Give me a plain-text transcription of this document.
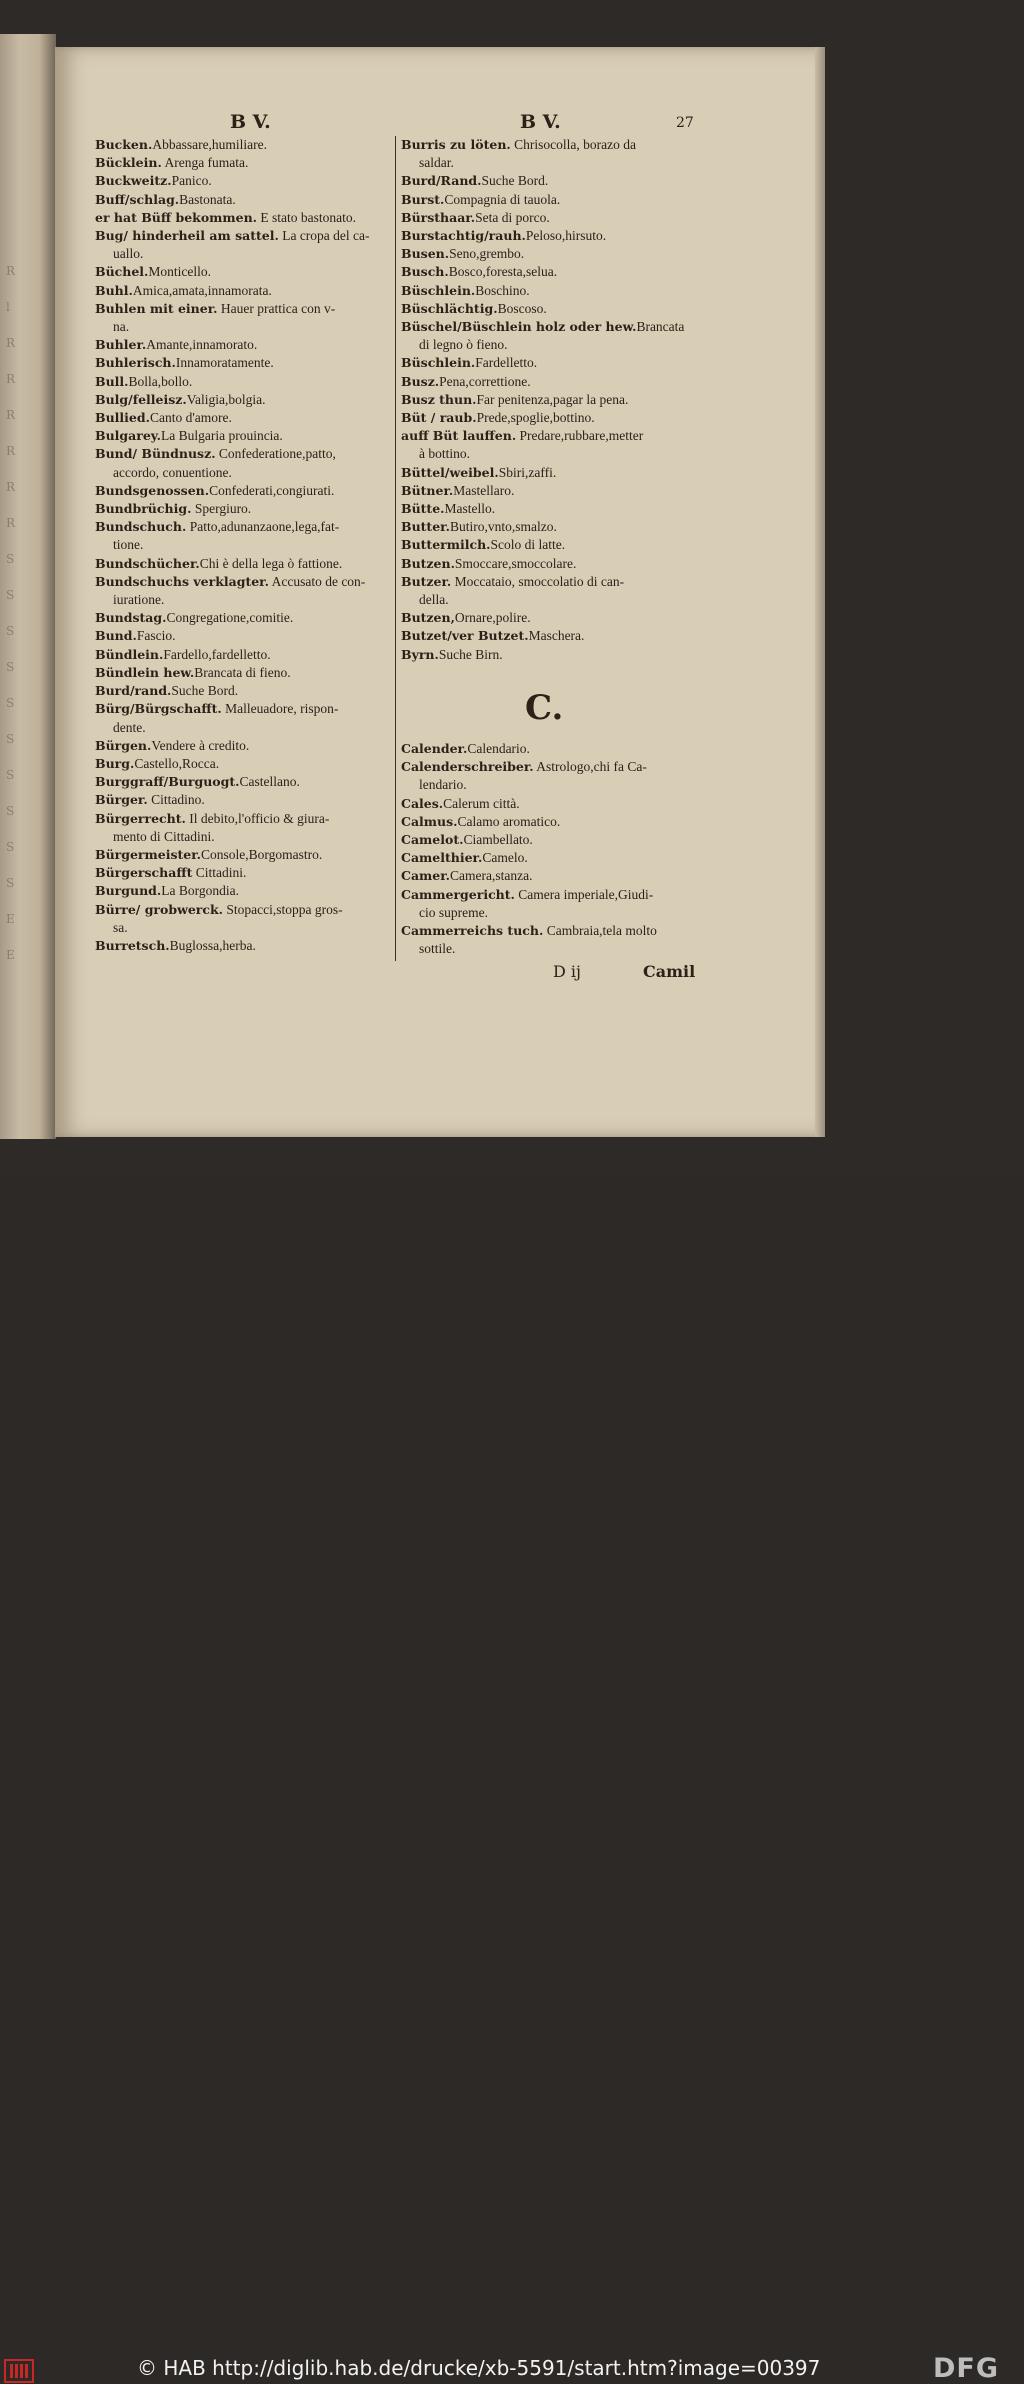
R
l
R
R
R
R
R
R
S
S
S
S
S
S
S
S
S
S
E
E
B V.	B V.	27
Bucken.Abbassare,humiliare.
Bücklein. Arenga fumata.
Buckweitz.Panico.
Buff/schlag.Bastonata.
er hat Büff bekommen. E stato bastonato.
Bug/ hinderheil am sattel. La cropa del ca-
uallo.
Büchel.Monticello.
Buhl.Amica,amata,innamorata.
Buhlen mit einer. Hauer prattica con v-
na.
Buhler.Amante,innamorato.
Buhlerisch.Innamoratamente.
Bull.Bolla,bollo.
Bulg/felleisz.Valigia,bolgia.
Bullied.Canto d'amore.
Bulgarey.La Bulgaria prouincia.
Bund/ Bündnusz. Confederatione,patto,
accordo, conuentione.
Bundsgenossen.Confederati,congiurati.
Bundbrüchig. Spergiuro.
Bundschuch. Patto,adunanzaone,lega,fat-
tione.
Bundschücher.Chi è della lega ò fattione.
Bundschuchs verklagter. Accusato de con-
iuratione.
Bundstag.Congregatione,comitie.
Bund.Fascio.
Bündlein.Fardello,fardelletto.
Bündlein hew.Brancata di fieno.
Burd/rand.Suche Bord.
Bürg/Bürgschafft. Malleuadore, rispon-
dente.
Bürgen.Vendere à credito.
Burg.Castello,Rocca.
Burggraff/Burguogt.Castellano.
Bürger. Cittadino.
Bürgerrecht. Il debito,l'officio & giura-
mento di Cittadini.
Bürgermeister.Console,Borgomastro.
Bürgerschafft Cittadini.
Burgund.La Borgondia.
Bürre/ grobwerck. Stopacci,stoppa gros-
sa.
Burretsch.Buglossa,herba.
Burris zu löten. Chrisocolla, borazo da
saldar.
Burd/Rand.Suche Bord.
Burst.Compagnia di tauola.
Bürsthaar.Seta di porco.
Burstachtig/rauh.Peloso,hirsuto.
Busen.Seno,grembo.
Busch.Bosco,foresta,selua.
Büschlein.Boschino.
Büschlächtig.Boscoso.
Büschel/Büschlein holz oder hew.Brancata
di legno ò fieno.
Büschlein.Fardelletto.
Busz.Pena,correttione.
Busz thun.Far penitenza,pagar la pena.
Büt / raub.Prede,spoglie,bottino.
auff Büt lauffen. Predare,rubbare,metter
à bottino.
Büttel/weibel.Sbiri,zaffi.
Bütner.Mastellaro.
Bütte.Mastello.
Butter.Butiro,vnto,smalzo.
Buttermilch.Scolo di latte.
Butzen.Smoccare,smoccolare.
Butzer. Moccataio, smoccolatio di can-
della.
Butzen,Ornare,polire.
Butzet/ver Butzet.Maschera.
Byrn.Suche Birn.
Calender.Calendario.
Calenderschreiber. Astrologo,chi fa Ca-
lendario.
Cales.Calerum città.
Calmus.Calamo aromatico.
Camelot.Ciambellato.
Camelthier.Camelo.
Camer.Camera,stanza.
Cammergericht. Camera imperiale,Giudi-
cio supreme.
Cammerreichs tuch. Cambraia,tela molto
sottile.
C.
D ij	Camil
© HAB http://diglib.hab.de/drucke/xb-5591/start.htm?image=00397	DFG
